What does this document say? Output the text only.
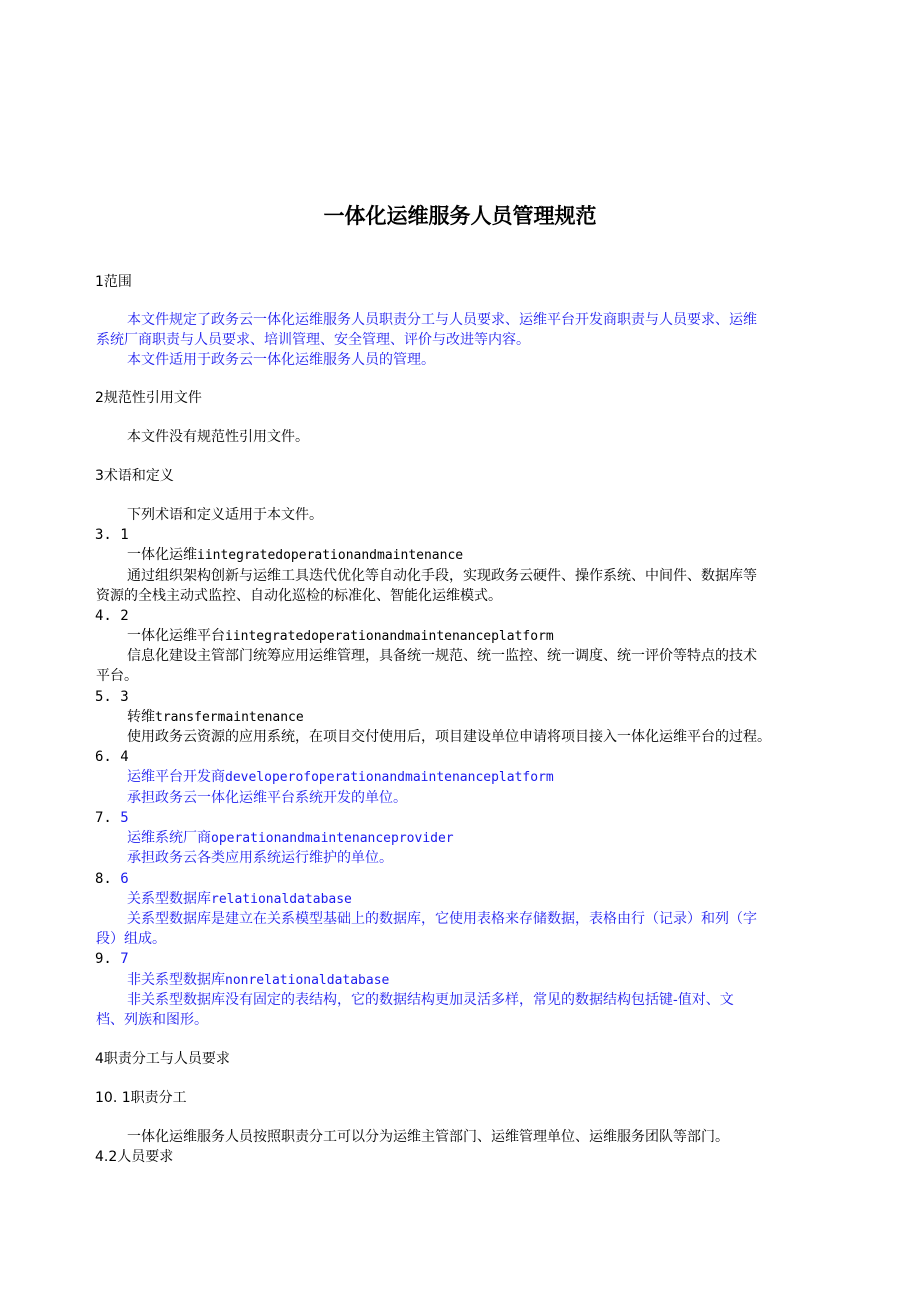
一体化运维服务人员管理规范
1范围
本文件规定了政务云一体化运维服务人员职责分工与人员要求、运维平台开发商职责与人员要求、运维
系统厂商职责与人员要求、培训管理、安全管理、评价与改进等内容。
本文件适用于政务云一体化运维服务人员的管理。
2规范性引用文件
本文件没有规范性引用文件。
3术语和定义
下列术语和定义适用于本文件。
3. 1
一体化运维iintegratedoperationandmaintenance
通过组织架构创新与运维工具迭代优化等自动化手段，实现政务云硬件、操作系统、中间件、数据库等
资源的全栈主动式监控、自动化巡检的标准化、智能化运维模式。
4. 2
一体化运维平台iintegratedoperationandmaintenanceplatform
信息化建设主管部门统筹应用运维管理，具备统一规范、统一监控、统一调度、统一评价等特点的技术
平台。
5. 3
转维transfermaintenance
使用政务云资源的应用系统，在项目交付使用后，项目建设单位申请将项目接入一体化运维平台的过程。
6. 4
运维平台开发商developerofoperationandmaintenanceplatform
承担政务云一体化运维平台系统开发的单位。
7. 5
运维系统厂商operationandmaintenanceprovider
承担政务云各类应用系统运行维护的单位。
8. 6
关系型数据库relationaldatabase
关系型数据库是建立在关系模型基础上的数据库，它使用表格来存储数据，表格由行（记录）和列（字
段）组成。
9. 7
非关系型数据库nonrelationaldatabase
非关系型数据库没有固定的表结构，它的数据结构更加灵活多样，常见的数据结构包括键-值对、文
档、列族和图形。
4职责分工与人员要求
10. 1职责分工
一体化运维服务人员按照职责分工可以分为运维主管部门、运维管理单位、运维服务团队等部门。
4.2人员要求
